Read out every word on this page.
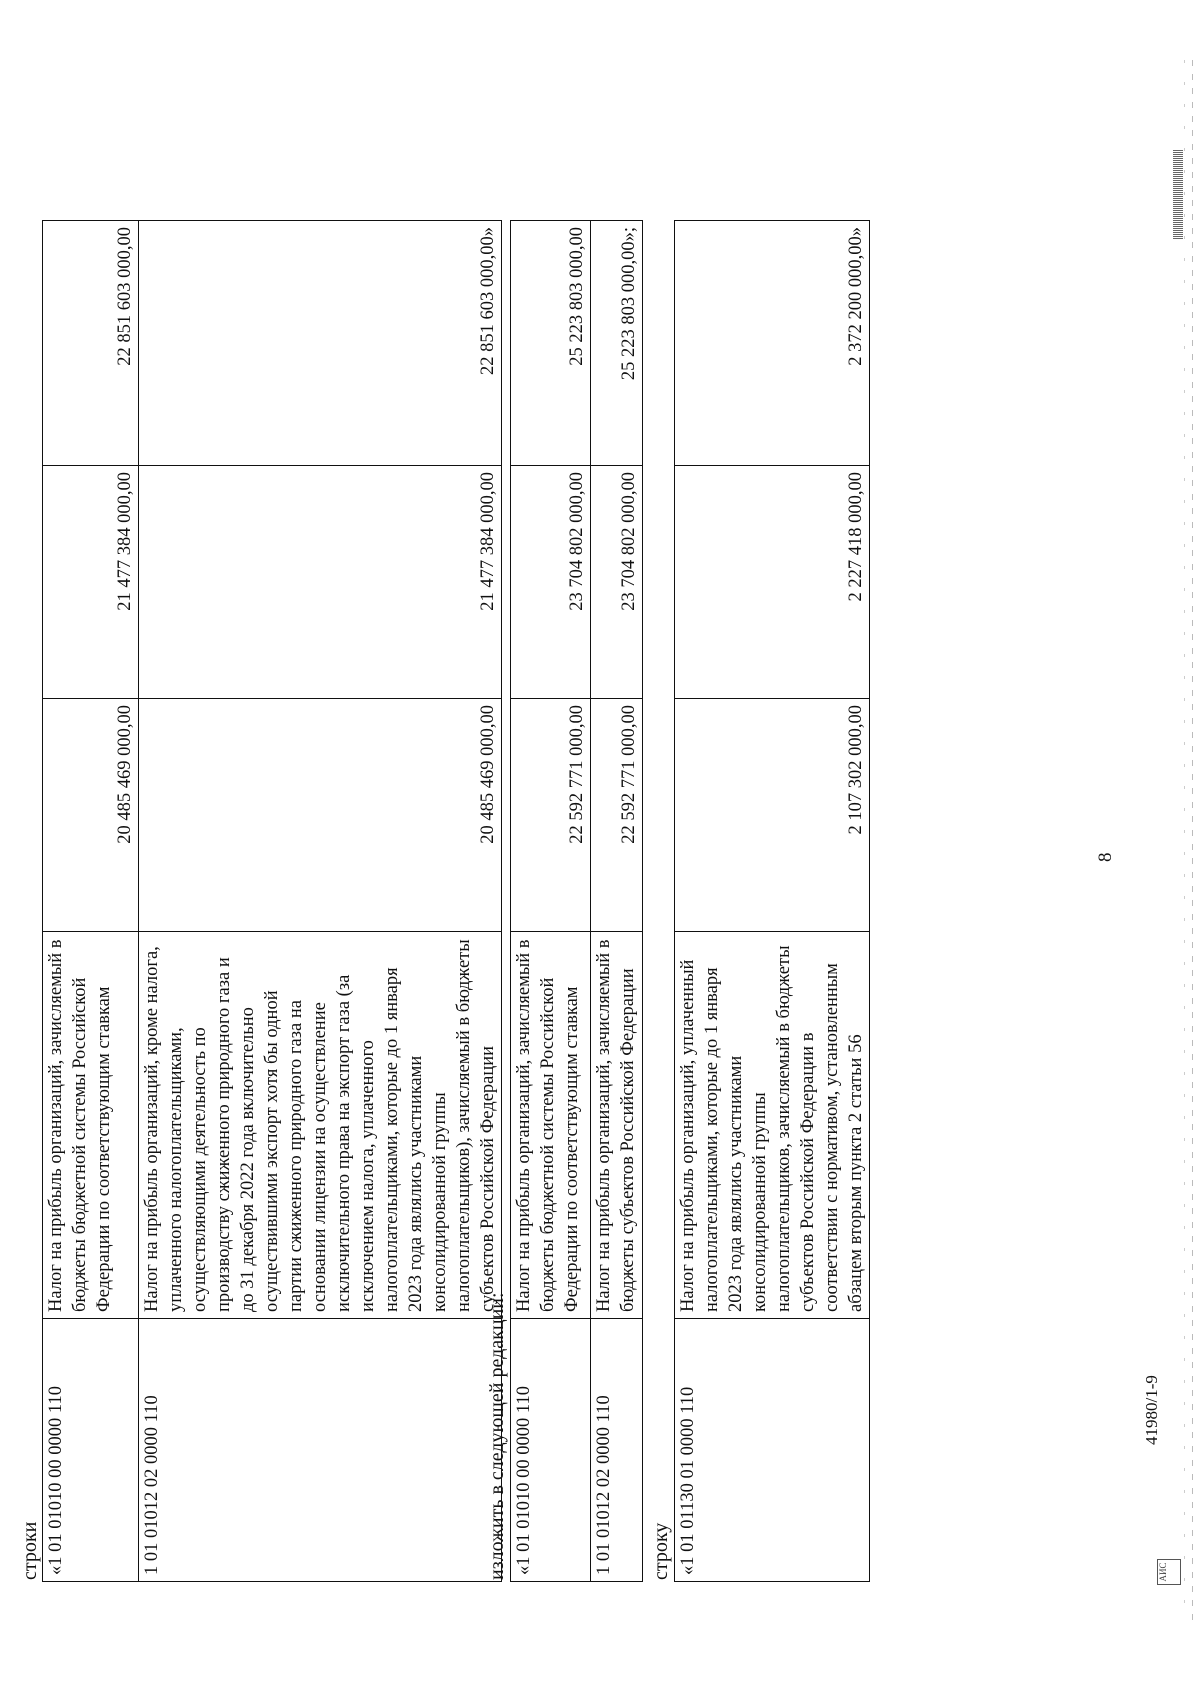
строки «1 01 01010 00 0000 110	Налог на прибыль организаций, зачисляемый в бюджеты бюджетной системы Российской Федерации по соответствующим ставкам	20 485 469 000,00	21 477 384 000,00	22 851 603 000,00
1 01 01012 02 0000 110	Налог на прибыль организаций, кроме налога, уплаченного налогоплательщиками, осуществляющими деятельность по производству сжиженного природного газа и до 31 декабря 2022 года включительно осуществившими экспорт хотя бы одной партии сжиженного природного газа на основании лицензии на осуществление исключительного права на экспорт газа (за исключением налога, уплаченного налогоплательщиками, которые до 1 января 2023 года являлись участниками консолидированной группы налогоплательщиков), зачисляемый в бюджеты субъектов Российской Федерации	20 485 469 000,00	21 477 384 000,00	22 851 603 000,00»
изложить в следующей редакции: «1 01 01010 00 0000 110	Налог на прибыль организаций, зачисляемый в бюджеты бюджетной системы Российской Федерации по соответствующим ставкам	22 592 771 000,00	23 704 802 000,00	25 223 803 000,00
1 01 01012 02 0000 110	Налог на прибыль организаций, зачисляемый в бюджеты субъектов Российской Федерации	22 592 771 000,00	23 704 802 000,00	25 223 803 000,00»;
строку «1 01 01130 01 0000 110	Налог на прибыль организаций, уплаченный налогоплательщиками, которые до 1 января 2023 года являлись участниками консолидированной группы налогоплательщиков, зачисляемый в бюджеты субъектов Российской Федерации в соответствии с нормативом, установленным абзацем вторым пункта 2 статьи 56	2 107 302 000,00	2 227 418 000,00	2 372 200 000,00»
8
41980/1-9
АИС
